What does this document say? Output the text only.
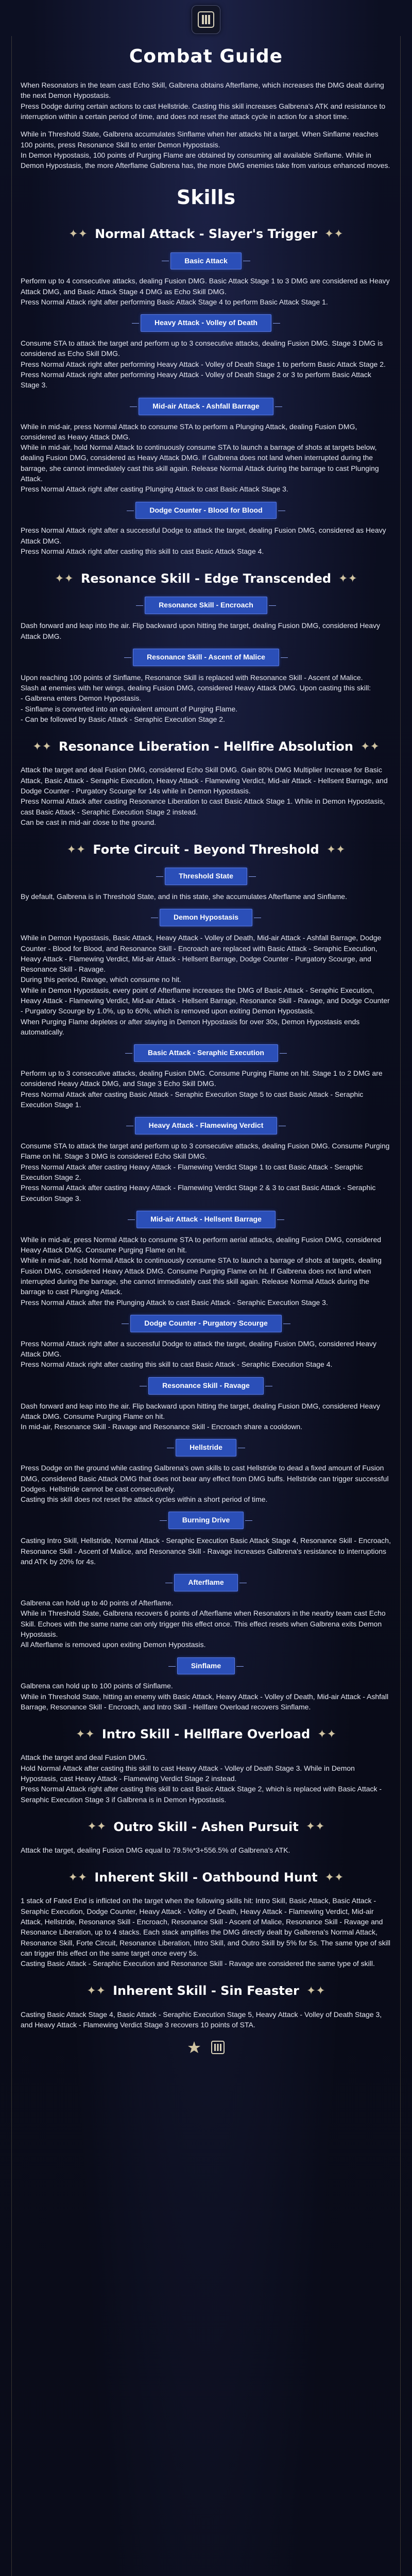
Combat Guide

When Resonators in the team cast Echo Skill, Galbrena obtains Afterflame, which increases the DMG dealt during the next Demon Hypostasis.
Press Dodge during certain actions to cast Hellstride. Casting this skill increases Galbrena's ATK and resistance to interruption within a certain period of time, and does not reset the attack cycle in action for a short time.

While in Threshold State, Galbrena accumulates Sinflame when her attacks hit a target. When Sinflame reaches 100 points, press Resonance Skill to enter Demon Hypostasis.
In Demon Hypostasis, 100 points of Purging Flame are obtained by consuming all available Sinflame. While in Demon Hypostasis, the more Afterflame Galbrena has, the more DMG enemies take from various enhanced moves.

Skills
✦✦ Normal Attack - Slayer's Trigger ✦✦
Basic Attack

Perform up to 4 consecutive attacks, dealing Fusion DMG. Basic Attack Stage 1 to 3 DMG are considered as Heavy Attack DMG, and Basic Attack Stage 4 DMG as Echo Skill DMG.
Press Normal Attack right after performing Basic Attack Stage 4 to perform Basic Attack Stage 1.

Heavy Attack - Volley of Death

Consume STA to attack the target and perform up to 3 consecutive attacks, dealing Fusion DMG. Stage 3 DMG is considered as Echo Skill DMG.
Press Normal Attack right after performing Heavy Attack - Volley of Death Stage 1 to perform Basic Attack Stage 2. Press Normal Attack right after performing Heavy Attack - Volley of Death Stage 2 or 3 to perform Basic Attack Stage 3.

Mid-air Attack - Ashfall Barrage

While in mid-air, press Normal Attack to consume STA to perform a Plunging Attack, dealing Fusion DMG, considered as Heavy Attack DMG.
While in mid-air, hold Normal Attack to continuously consume STA to launch a barrage of shots at targets below, dealing Fusion DMG, considered as Heavy Attack DMG. If Galbrena does not land when interrupted during the barrage, she cannot immediately cast this skill again. Release Normal Attack during the barrage to cast Plunging Attack.
Press Normal Attack right after casting Plunging Attack to cast Basic Attack Stage 3.

Dodge Counter - Blood for Blood

Press Normal Attack right after a successful Dodge to attack the target, dealing Fusion DMG, considered as Heavy Attack DMG.
Press Normal Attack right after casting this skill to cast Basic Attack Stage 4.

✦✦ Resonance Skill - Edge Transcended ✦✦
Resonance Skill - Encroach

Dash forward and leap into the air. Flip backward upon hitting the target, dealing Fusion DMG, considered Heavy Attack DMG.

Resonance Skill - Ascent of Malice

Upon reaching 100 points of Sinflame, Resonance Skill is replaced with Resonance Skill - Ascent of Malice.
Slash at enemies with her wings, dealing Fusion DMG, considered Heavy Attack DMG. Upon casting this skill:
- Galbrena enters Demon Hypostasis.
- Sinflame is converted into an equivalent amount of Purging Flame.
- Can be followed by Basic Attack - Seraphic Execution Stage 2.

✦✦ Resonance Liberation - Hellfire Absolution ✦✦

Attack the target and deal Fusion DMG, considered Echo Skill DMG. Gain 80% DMG Multiplier Increase for Basic Attack, Basic Attack - Seraphic Execution, Heavy Attack - Flamewing Verdict, Mid-air Attack - Hellsent Barrage, and Dodge Counter - Purgatory Scourge for 14s while in Demon Hypostasis.
Press Normal Attack after casting Resonance Liberation to cast Basic Attack Stage 1. While in Demon Hypostasis, cast Basic Attack - Seraphic Execution Stage 2 instead.
Can be cast in mid-air close to the ground.

✦✦ Forte Circuit - Beyond Threshold ✦✦
Threshold State

By default, Galbrena is in Threshold State, and in this state, she accumulates Afterflame and Sinflame.

Demon Hypostasis

While in Demon Hypostasis, Basic Attack, Heavy Attack - Volley of Death, Mid-air Attack - Ashfall Barrage, Dodge Counter - Blood for Blood, and Resonance Skill - Encroach are replaced with Basic Attack - Seraphic Execution, Heavy Attack - Flamewing Verdict, Mid-air Attack - Hellsent Barrage, Dodge Counter - Purgatory Scourge, and Resonance Skill - Ravage.
During this period, Ravage, which consume no hit.
While in Demon Hypostasis, every point of Afterflame increases the DMG of Basic Attack - Seraphic Execution, Heavy Attack - Flamewing Verdict, Mid-air Attack - Hellsent Barrage, Resonance Skill - Ravage, and Dodge Counter - Purgatory Scourge by 1.0%, up to 60%, which is removed upon exiting Demon Hypostasis.
When Purging Flame depletes or after staying in Demon Hypostasis for over 30s, Demon Hypostasis ends automatically.

Basic Attack - Seraphic Execution

Perform up to 3 consecutive attacks, dealing Fusion DMG. Consume Purging Flame on hit. Stage 1 to 2 DMG are considered Heavy Attack DMG, and Stage 3 Echo Skill DMG.
Press Normal Attack after casting Basic Attack - Seraphic Execution Stage 5 to cast Basic Attack - Seraphic Execution Stage 1.

Heavy Attack - Flamewing Verdict

Consume STA to attack the target and perform up to 3 consecutive attacks, dealing Fusion DMG. Consume Purging Flame on hit. Stage 3 DMG is considered Echo Skill DMG.
Press Normal Attack after casting Heavy Attack - Flamewing Verdict Stage 1 to cast Basic Attack - Seraphic Execution Stage 2.
Press Normal Attack after casting Heavy Attack - Flamewing Verdict Stage 2 & 3 to cast Basic Attack - Seraphic Execution Stage 3.

Mid-air Attack - Hellsent Barrage

While in mid-air, press Normal Attack to consume STA to perform aerial attacks, dealing Fusion DMG, considered Heavy Attack DMG. Consume Purging Flame on hit.
While in mid-air, hold Normal Attack to continuously consume STA to launch a barrage of shots at targets, dealing Fusion DMG, considered Heavy Attack DMG. Consume Purging Flame on hit. If Galbrena does not land when interrupted during the barrage, she cannot immediately cast this skill again. Release Normal Attack during the barrage to cast Plunging Attack.
Press Normal Attack after the Plunging Attack to cast Basic Attack - Seraphic Execution Stage 3.

Dodge Counter - Purgatory Scourge

Press Normal Attack right after a successful Dodge to attack the target, dealing Fusion DMG, considered Heavy Attack DMG.
Press Normal Attack right after casting this skill to cast Basic Attack - Seraphic Execution Stage 4.

Resonance Skill - Ravage

Dash forward and leap into the air. Flip backward upon hitting the target, dealing Fusion DMG, considered Heavy Attack DMG. Consume Purging Flame on hit.
In mid-air, Resonance Skill - Ravage and Resonance Skill - Encroach share a cooldown.

Hellstride

Press Dodge on the ground while casting Galbrena's own skills to cast Hellstride to dead a fixed amount of Fusion DMG, considered Basic Attack DMG that does not bear any effect from DMG buffs. Hellstride can trigger successful Dodges. Hellstride cannot be cast consecutively.
Casting this skill does not reset the attack cycles within a short period of time.

Burning Drive

Casting Intro Skill, Hellstride, Normal Attack - Seraphic Execution Basic Attack Stage 4, Resonance Skill - Encroach, Resonance Skill - Ascent of Malice, and Resonance Skill - Ravage increases Galbrena's resistance to interruptions and ATK by 20% for 4s.

Afterflame

Galbrena can hold up to 40 points of Afterflame.
While in Threshold State, Galbrena recovers 6 points of Afterflame when Resonators in the nearby team cast Echo Skill. Echoes with the same name can only trigger this effect once. This effect resets when Galbrena exits Demon Hypostasis.
All Afterflame is removed upon exiting Demon Hypostasis.

Sinflame

Galbrena can hold up to 100 points of Sinflame.
While in Threshold State, hitting an enemy with Basic Attack, Heavy Attack - Volley of Death, Mid-air Attack - Ashfall Barrage, Resonance Skill - Encroach, and Intro Skill - Hellfare Overload recovers Sinflame.

✦✦ Intro Skill - Hellflare Overload ✦✦

Attack the target and deal Fusion DMG.
Hold Normal Attack after casting this skill to cast Heavy Attack - Volley of Death Stage 3. While in Demon Hypostasis, cast Heavy Attack - Flamewing Verdict Stage 2 instead.
Press Normal Attack right after casting this skill to cast Basic Attack Stage 2, which is replaced with Basic Attack - Seraphic Execution Stage 3 if Galbrena is in Demon Hypostasis.

✦✦ Outro Skill - Ashen Pursuit ✦✦

Attack the target, dealing Fusion DMG equal to 79.5%*3+556.5% of Galbrena's ATK.

✦✦ Inherent Skill - Oathbound Hunt ✦✦

1 stack of Fated End is inflicted on the target when the following skills hit: Intro Skill, Basic Attack, Basic Attack - Seraphic Execution, Dodge Counter, Heavy Attack - Volley of Death, Heavy Attack - Flamewing Verdict, Mid-air Attack, Hellstride, Resonance Skill - Encroach, Resonance Skill - Ascent of Malice, Resonance Skill - Ravage and Resonance Liberation, up to 4 stacks. Each stack amplifies the DMG directly dealt by Galbrena's Normal Attack, Resonance Skill, Forte Circuit, Resonance Liberation, Intro Skill, and Outro Skill by 5% for 5s. The same type of skill can trigger this effect on the same target once every 5s.
Casting Basic Attack - Seraphic Execution and Resonance Skill - Ravage are considered the same type of skill.

✦✦ Inherent Skill - Sin Feaster ✦✦

Casting Basic Attack Stage 4, Basic Attack - Seraphic Execution Stage 5, Heavy Attack - Volley of Death Stage 3, and Heavy Attack - Flamewing Verdict Stage 3 recovers 10 points of STA.
